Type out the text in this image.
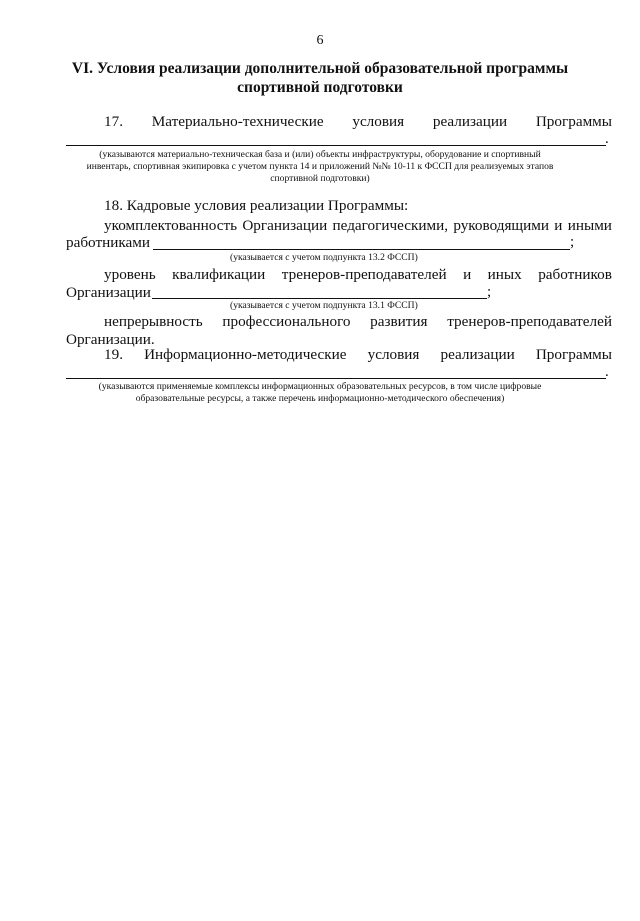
6
VI. Условия реализации дополнительной образовательной программы
спортивной подготовки
17. Материально-технические условия реализации Программы
.
(указываются материально-техническая база и (или) объекты инфраструктуры, оборудование и спортивный
инвентарь, спортивная экипировка с учетом пункта 14 и приложений №№ 10-11 к ФССП для реализуемых этапов
спортивной подготовки)
18. Кадровые условия реализации Программы:
укомплектованность Организации педагогическими, руководящими и иными
работниками	;
(указывается с учетом подпункта 13.2 ФССП)
уровень квалификации тренеров-преподавателей и иных работников
Организации	;
(указывается с учетом подпункта 13.1 ФССП)
непрерывность профессионального развития тренеров-преподавателей
Организации.
19. Информационно-методические условия реализации Программы
.
(указываются применяемые комплексы информационных образовательных ресурсов, в том числе цифровые
образовательные ресурсы, а также перечень информационно-методического обеспечения)
